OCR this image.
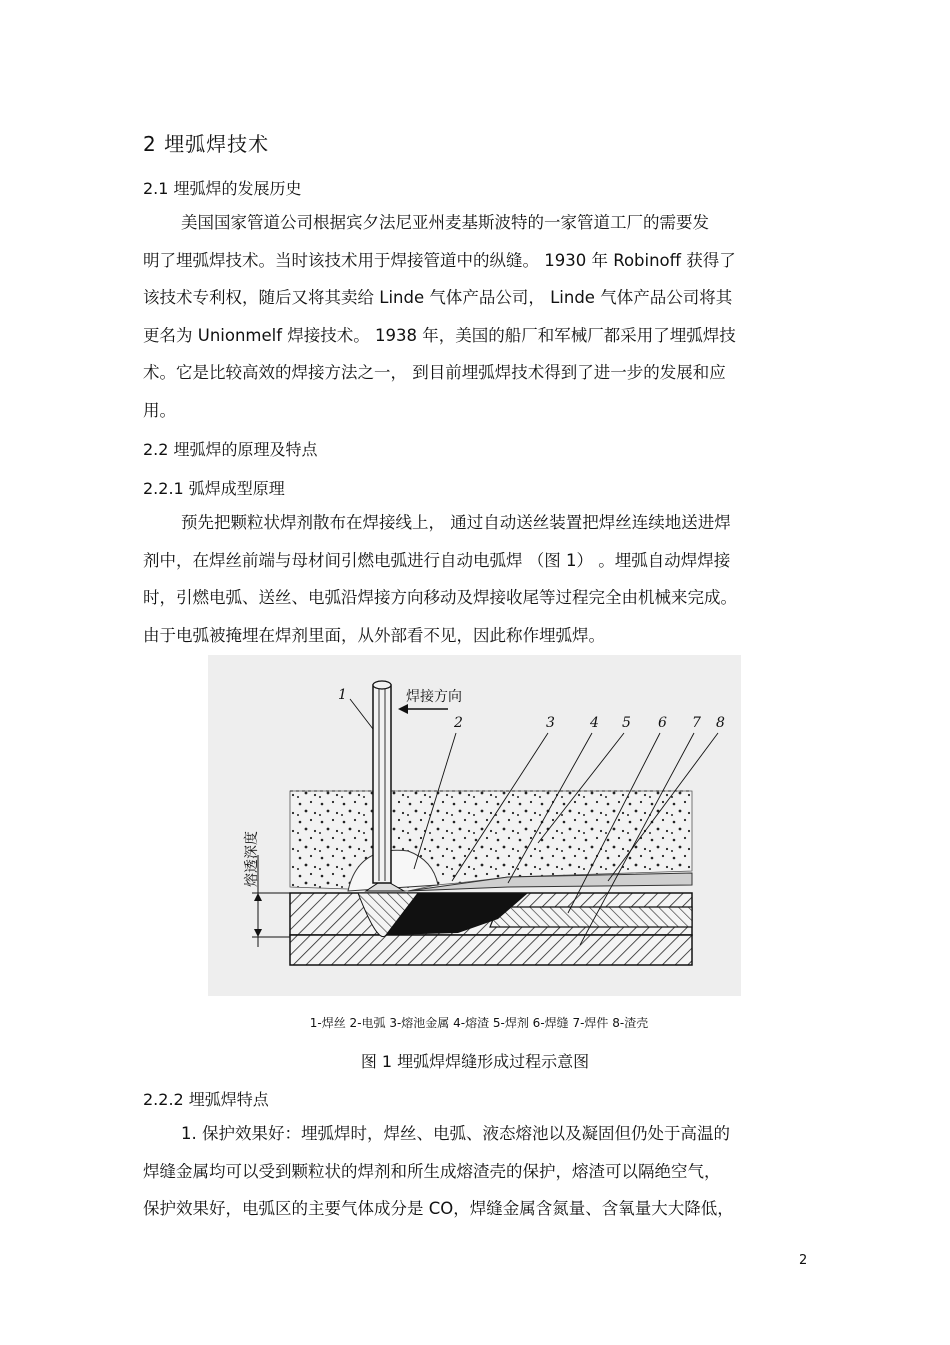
2 埋弧焊技术
2.1 埋弧焊的发展历史
美国国家管道公司根据宾夕法尼亚州麦基斯波特的一家管道工厂的需要发
明了埋弧焊技术。当时该技术用于焊接管道中的纵缝。 1930 年 Robinoff 获得了
该技术专利权，随后又将其卖给 Linde 气体产品公司， Linde 气体产品公司将其
更名为 Unionmelf 焊接技术。 1938 年，美国的船厂和军械厂都采用了埋弧焊技
术。它是比较高效的焊接方法之一， 到目前埋弧焊技术得到了进一步的发展和应
用。
2.2 埋弧焊的原理及特点
2.2.1 弧焊成型原理
预先把颗粒状焊剂散布在焊接线上， 通过自动送丝装置把焊丝连续地送进焊
剂中，在焊丝前端与母材间引燃电弧进行自动电弧焊 （图 1） 。埋弧自动焊焊接
时，引燃电弧、送丝、电弧沿焊接方向移动及焊接收尾等过程完全由机械来完成。
由于电弧被掩埋在焊剂里面，从外部看不见，因此称作埋弧焊。
1
2	3	4 5 6 7 8
焊接方向
熔透深度
1-焊丝 2-电弧 3-熔池金属 4-熔渣 5-焊剂 6-焊缝 7-焊件 8-渣壳
图 1 埋弧焊焊缝形成过程示意图
2.2.2 埋弧焊特点
1. 保护效果好：埋弧焊时，焊丝、电弧、液态熔池以及凝固但仍处于高温的
焊缝金属均可以受到颗粒状的焊剂和所生成熔渣壳的保护，熔渣可以隔绝空气，
保护效果好，电弧区的主要气体成分是 CO，焊缝金属含氮量、含氧量大大降低，
2
